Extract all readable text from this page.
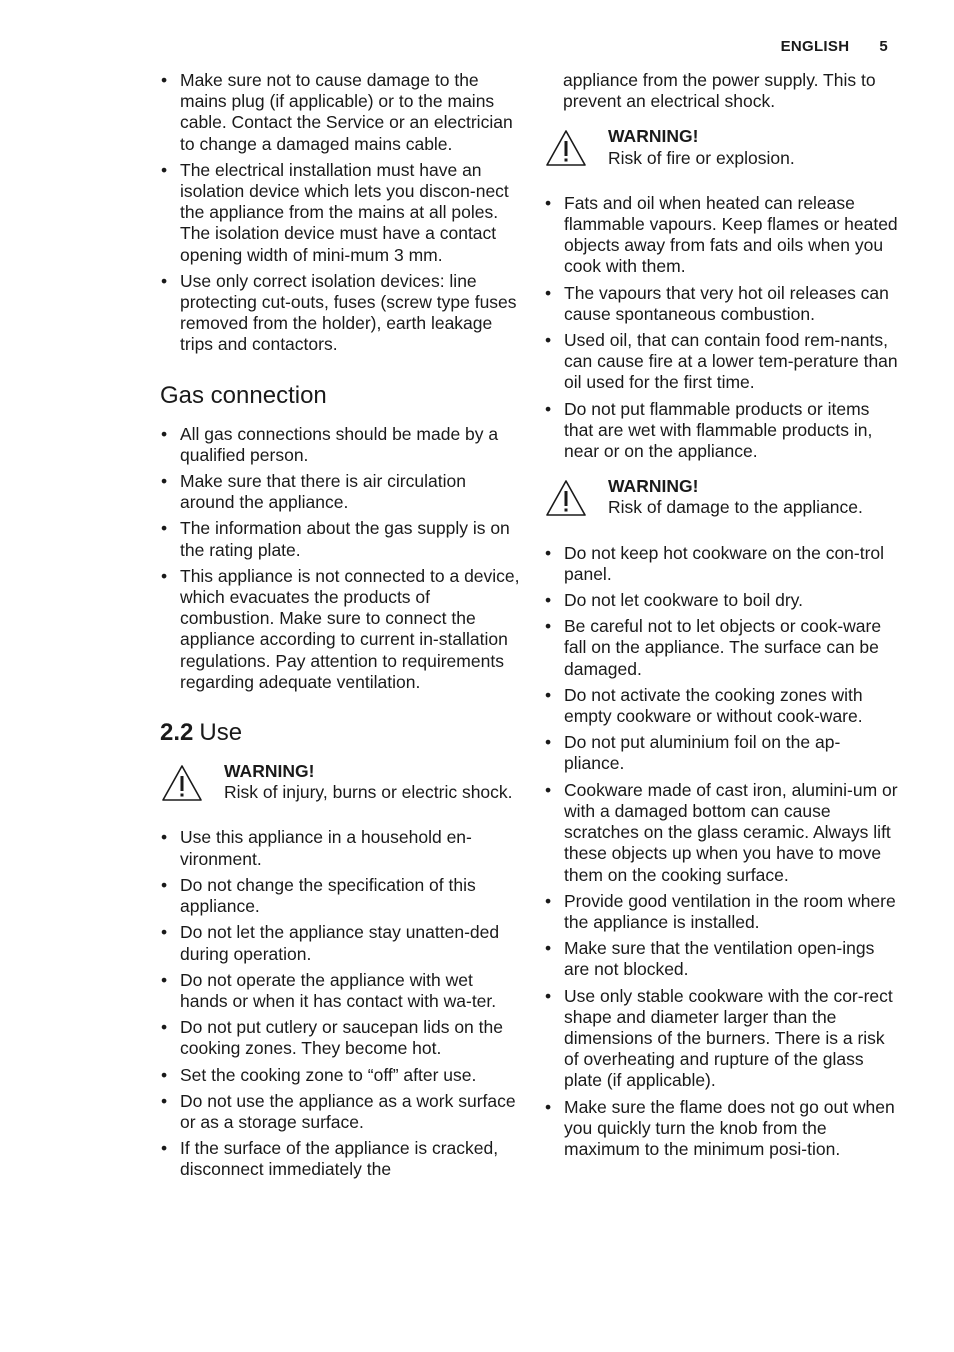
ENGLISH 5
• Make sure not to cause damage to the mains plug (if applicable) or to the mains cable. Contact the Service or an electrician to change a damaged mains cable.
• The electrical installation must have an isolation device which lets you discon-nect the appliance from the mains at all poles. The isolation device must have a contact opening width of mini-mum 3 mm.
• Use only correct isolation devices: line protecting cut-outs, fuses (screw type fuses removed from the holder), earth leakage trips and contactors.
Gas connection
• All gas connections should be made by a qualified person.
• Make sure that there is air circulation around the appliance.
• The information about the gas supply is on the rating plate.
• This appliance is not connected to a device, which evacuates the products of combustion. Make sure to connect the appliance according to current in-stallation regulations. Pay attention to requirements regarding adequate ventilation.
2.2 Use
WARNING!
Risk of injury, burns or electric shock.
• Use this appliance in a household en-vironment.
• Do not change the specification of this appliance.
• Do not let the appliance stay unatten-ded during operation.
• Do not operate the appliance with wet hands or when it has contact with wa-ter.
• Do not put cutlery or saucepan lids on the cooking zones. They become hot.
• Set the cooking zone to “off” after use.
• Do not use the appliance as a work surface or as a storage surface.
• If the surface of the appliance is cracked, disconnect immediately the

appliance from the power supply. This to prevent an electrical shock.

WARNING!
Risk of fire or explosion.
• Fats and oil when heated can release flammable vapours. Keep flames or heated objects away from fats and oils when you cook with them.
• The vapours that very hot oil releases can cause spontaneous combustion.
• Used oil, that can contain food rem-nants, can cause fire at a lower tem-perature than oil used for the first time.
• Do not put flammable products or items that are wet with flammable products in, near or on the appliance.
WARNING!
Risk of damage to the appliance.
• Do not keep hot cookware on the con-trol panel.
• Do not let cookware to boil dry.
• Be careful not to let objects or cook-ware fall on the appliance. The surface can be damaged.
• Do not activate the cooking zones with empty cookware or without cook-ware.
• Do not put aluminium foil on the ap-pliance.
• Cookware made of cast iron, alumini-um or with a damaged bottom can cause scratches on the glass ceramic. Always lift these objects up when you have to move them on the cooking surface.
• Provide good ventilation in the room where the appliance is installed.
• Make sure that the ventilation open-ings are not blocked.
• Use only stable cookware with the cor-rect shape and diameter larger than the dimensions of the burners. There is a risk of overheating and rupture of the glass plate (if applicable).
• Make sure the flame does not go out when you quickly turn the knob from the maximum to the minimum posi-tion.
